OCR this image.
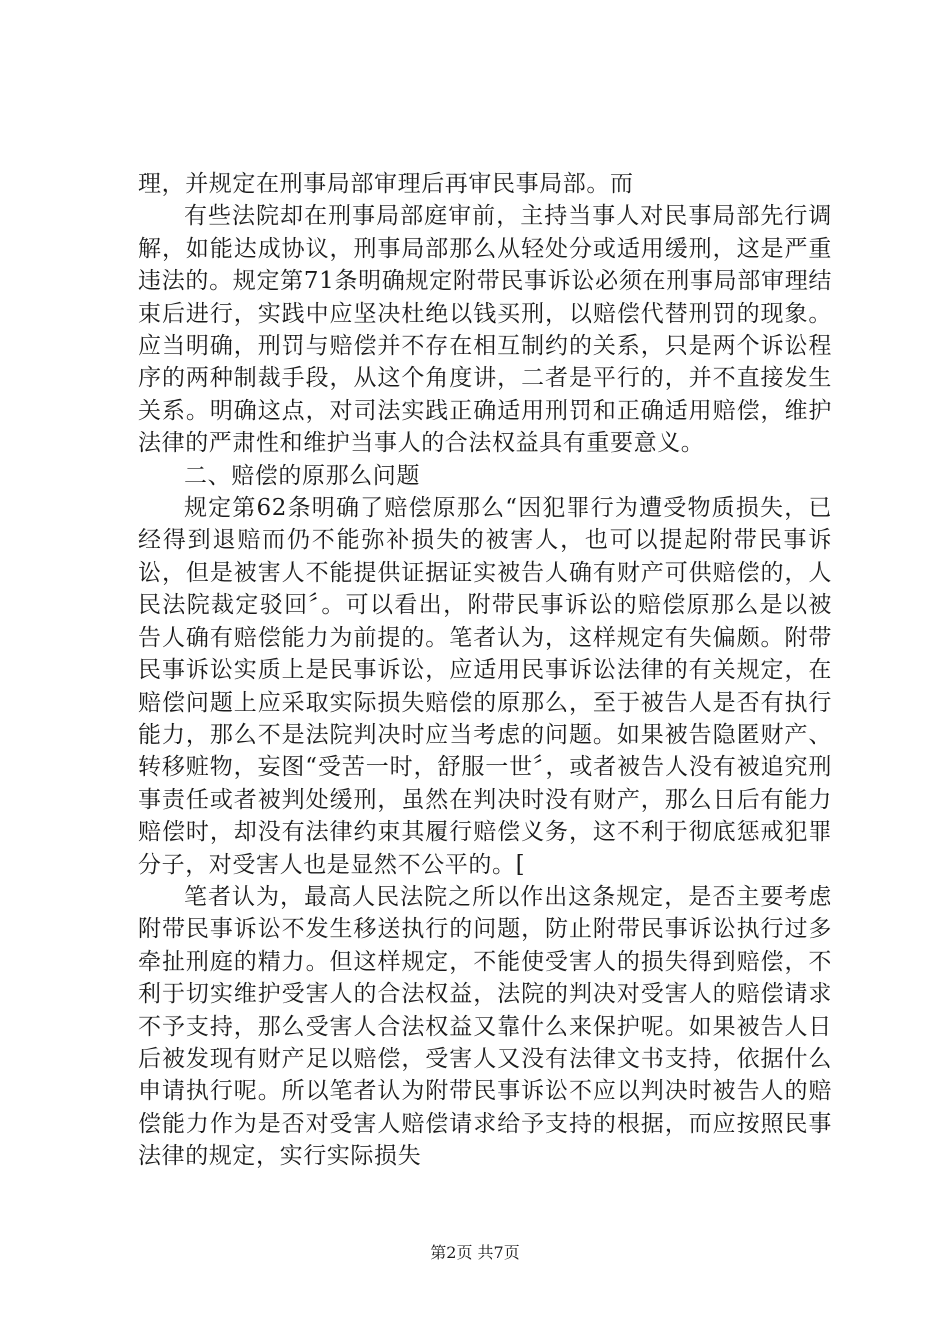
理，并规定在刑事局部审理后再审民事局部。而

有些法院却在刑事局部庭审前，主持当事人对民事局部先行调解，如能达成协议，刑事局部那么从轻处分或适用缓刑，这是严重违法的。规定第71条明确规定附带民事诉讼必须在刑事局部审理结束后进行，实践中应坚决杜绝以钱买刑，以赔偿代替刑罚的现象。应当明确，刑罚与赔偿并不存在相互制约的关系，只是两个诉讼程序的两种制裁手段，从这个角度讲，二者是平行的，并不直接发生关系。明确这点，对司法实践正确适用刑罚和正确适用赔偿，维护法律的严肃性和维护当事人的合法权益具有重要意义。

二、赔偿的原那么问题

规定第62条明确了赔偿原那么“因犯罪行为遭受物质损失，已经得到退赔而仍不能弥补损失的被害人，也可以提起附带民事诉讼，但是被害人不能提供证据证实被告人确有财产可供赔偿的，人民法院裁定驳回〞。可以看出，附带民事诉讼的赔偿原那么是以被告人确有赔偿能力为前提的。笔者认为，这样规定有失偏颇。附带民事诉讼实质上是民事诉讼，应适用民事诉讼法律的有关规定，在赔偿问题上应采取实际损失赔偿的原那么，至于被告人是否有执行能力，那么不是法院判决时应当考虑的问题。如果被告隐匿财产、转移赃物，妄图“受苦一时，舒服一世〞，或者被告人没有被追究刑事责任或者被判处缓刑，虽然在判决时没有财产，那么日后有能力赔偿时，却没有法律约束其履行赔偿义务，这不利于彻底惩戒犯罪分子，对受害人也是显然不公平的。[

笔者认为，最高人民法院之所以作出这条规定，是否主要考虑附带民事诉讼不发生移送执行的问题，防止附带民事诉讼执行过多牵扯刑庭的精力。但这样规定，不能使受害人的损失得到赔偿，不利于切实维护受害人的合法权益，法院的判决对受害人的赔偿请求不予支持，那么受害人合法权益又靠什么来保护呢。如果被告人日后被发现有财产足以赔偿，受害人又没有法律文书支持，依据什么申请执行呢。所以笔者认为附带民事诉讼不应以判决时被告人的赔偿能力作为是否对受害人赔偿请求给予支持的根据，而应按照民事法律的规定，实行实际损失

第2页 共7页
